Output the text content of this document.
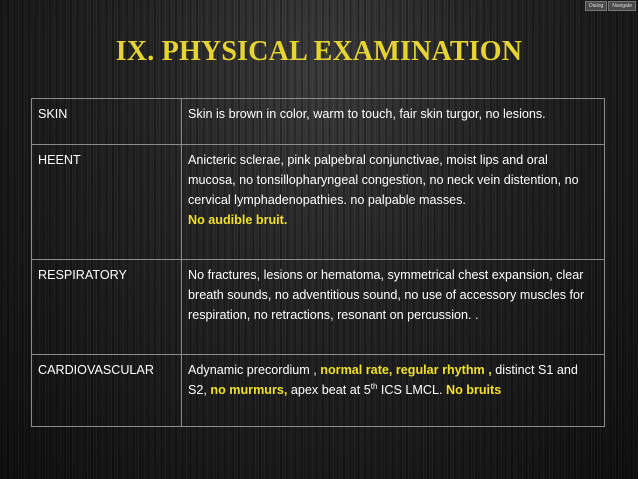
Dialog	Navigate
IX. PHYSICAL EXAMINATION
SKIN	Skin is brown in color, warm to touch, fair skin turgor, no lesions.
HEENT	Anicteric sclerae, pink palpebral conjunctivae, moist lips and oral mucosa, no tonsillopharyngeal congestion, no neck vein distention, no cervical lymphadenopathies. no palpable masses.
No audible bruit.
RESPIRATORY	No fractures, lesions or hematoma, symmetrical chest expansion, clear breath sounds, no adventitious sound, no use of accessory muscles for respiration, no retractions, resonant on percussion. .
CARDIOVASCULAR	Adynamic precordium , normal rate, regular rhythm , distinct S1 and S2, no murmurs, apex beat at 5th ICS LMCL. No bruits
